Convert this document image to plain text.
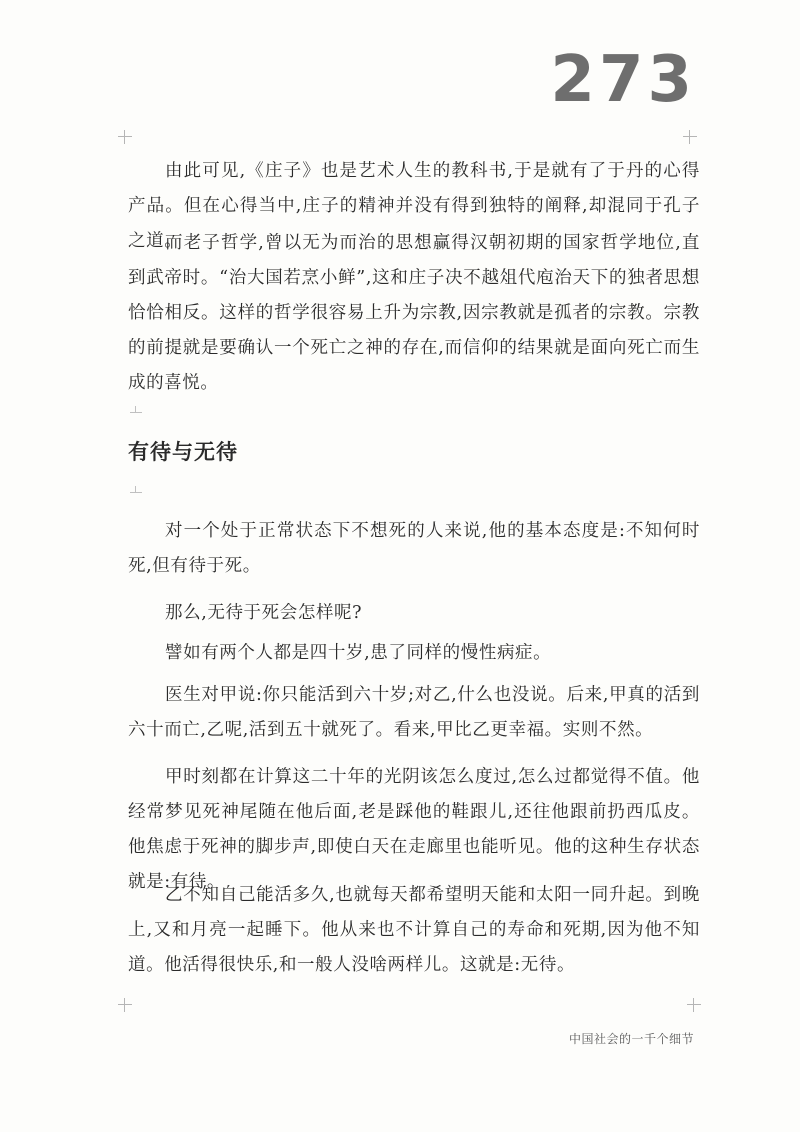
273

由此可见,《庄子》也是艺术人生的教科书,于是就有了于丹的心得产品。但在心得当中,庄子的精神并没有得到独特的阐释,却混同于孔子之道。

而老子哲学,曾以无为而治的思想赢得汉朝初期的国家哲学地位,直到武帝时。“治大国若烹小鲜”,这和庄子决不越俎代庖治天下的独者思想恰恰相反。这样的哲学很容易上升为宗教,因宗教就是孤者的宗教。宗教的前提就是要确认一个死亡之神的存在,而信仰的结果就是面向死亡而生成的喜悦。

有待与无待

对一个处于正常状态下不想死的人来说,他的基本态度是:不知何时死,但有待于死。

那么,无待于死会怎样呢?

譬如有两个人都是四十岁,患了同样的慢性病症。

医生对甲说:你只能活到六十岁;对乙,什么也没说。后来,甲真的活到六十而亡,乙呢,活到五十就死了。看来,甲比乙更幸福。实则不然。

甲时刻都在计算这二十年的光阴该怎么度过,怎么过都觉得不值。他经常梦见死神尾随在他后面,老是踩他的鞋跟儿,还往他跟前扔西瓜皮。他焦虑于死神的脚步声,即使白天在走廊里也能听见。他的这种生存状态就是:有待。

乙不知自己能活多久,也就每天都希望明天能和太阳一同升起。到晚上,又和月亮一起睡下。他从来也不计算自己的寿命和死期,因为他不知道。他活得很快乐,和一般人没啥两样儿。这就是:无待。

中国社会的一千个细节
